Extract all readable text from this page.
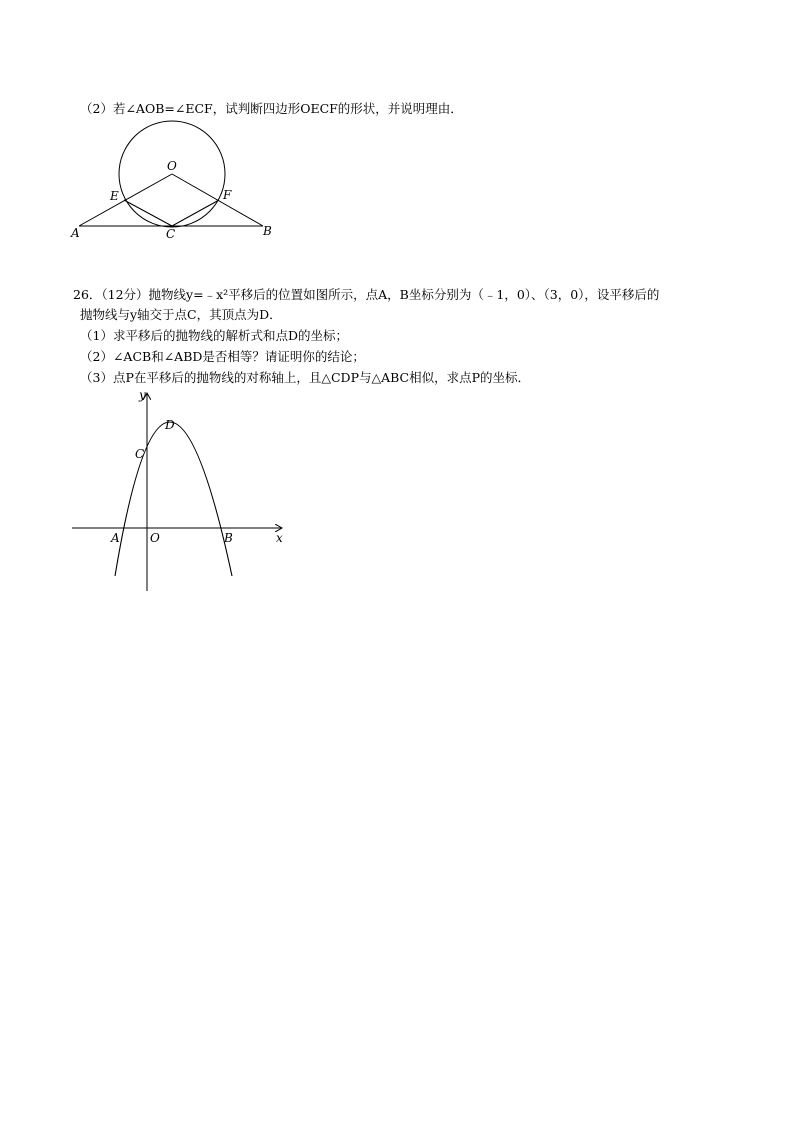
（2）若∠AOB=∠ECF，试判断四边形OECF的形状，并说明理由．
O
E	F
A	C	B
26．（12分）抛物线y=﹣x²平移后的位置如图所示，点A，B坐标分别为（﹣1，0）、（3，0），设平移后的
抛物线与y轴交于点C，其顶点为D．
（1）求平移后的抛物线的解析式和点D的坐标；
（2）∠ACB和∠ABD是否相等？请证明你的结论；
（3）点P在平移后的抛物线的对称轴上，且△CDP与△ABC相似，求点P的坐标．
y
x
D
C
A	O	B
